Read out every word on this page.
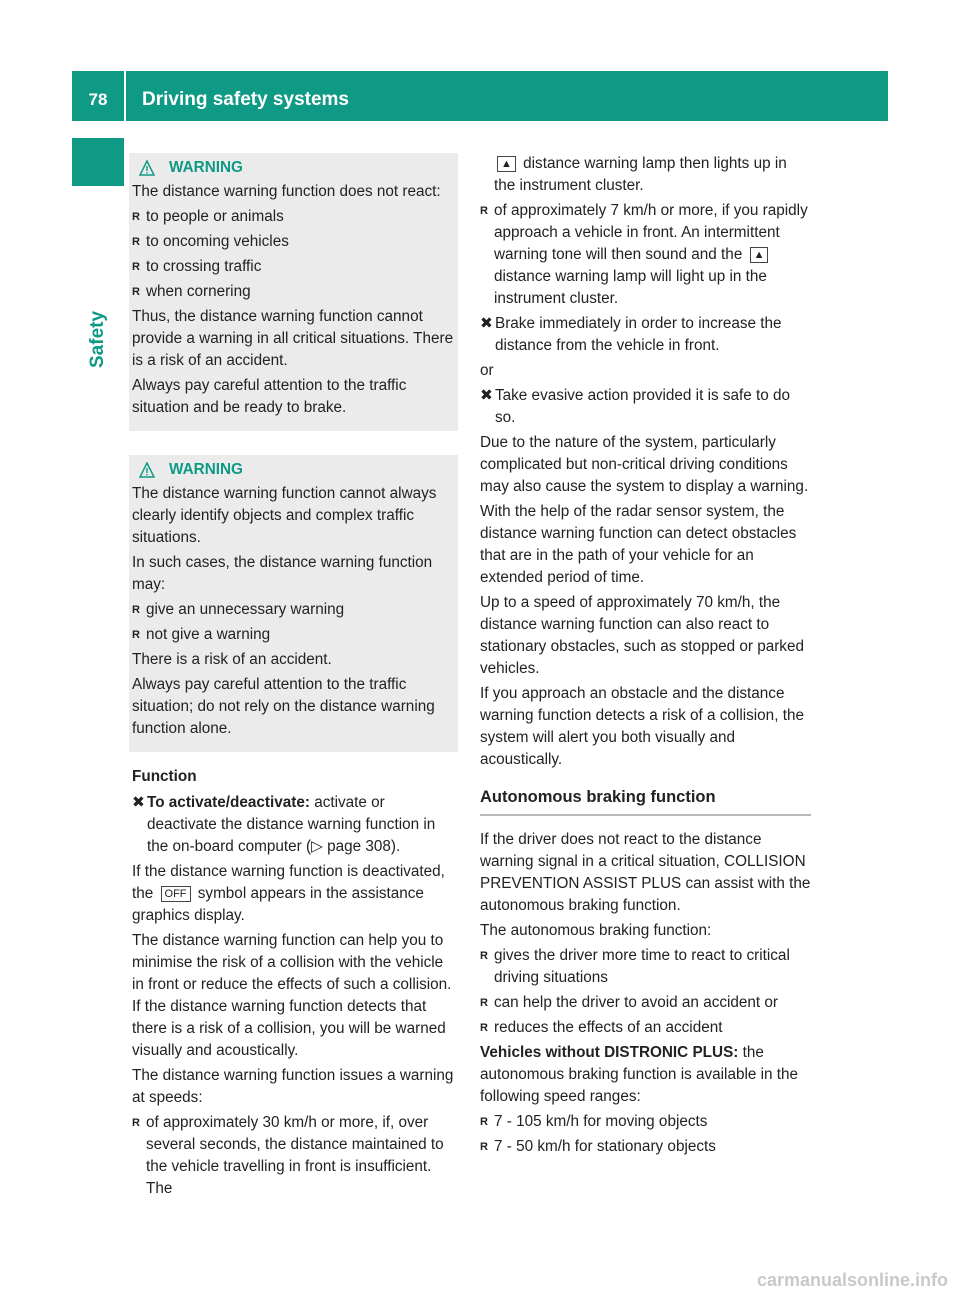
78	Driving safety systems
Safety
WARNING

The distance warning function does not react:

R to people or animals
R to oncoming vehicles
R to crossing traffic
R when cornering

Thus, the distance warning function cannot provide a warning in all critical situations. There is a risk of an accident.

Always pay careful attention to the traffic situation and be ready to brake.

WARNING

The distance warning function cannot always clearly identify objects and complex traffic situations.

In such cases, the distance warning function may:

R give an unnecessary warning
R not give a warning

There is a risk of an accident.

Always pay careful attention to the traffic situation; do not rely on the distance warning function alone.

Function
✖ To activate/deactivate: activate or deactivate the distance warning function in the on-board computer (▷ page 308).

If the distance warning function is deactivated, the OFF symbol appears in the assistance graphics display.

The distance warning function can help you to minimise the risk of a collision with the vehicle in front or reduce the effects of such a collision. If the distance warning function detects that there is a risk of a collision, you will be warned visually and acoustically.

The distance warning function issues a warning at speeds:

R of approximately 30 km/h or more, if, over several seconds, the distance maintained to the vehicle travelling in front is insufficient. The

▲ distance warning lamp then lights up in the instrument cluster.

R of approximately 7 km/h or more, if you rapidly approach a vehicle in front. An intermittent warning tone will then sound and the ▲ distance warning lamp will light up in the instrument cluster.
✖ Brake immediately in order to increase the distance from the vehicle in front.

or

✖ Take evasive action provided it is safe to do so.

Due to the nature of the system, particularly complicated but non-critical driving conditions may also cause the system to display a warning.

With the help of the radar sensor system, the distance warning function can detect obstacles that are in the path of your vehicle for an extended period of time.

Up to a speed of approximately 70 km/h, the distance warning function can also react to stationary obstacles, such as stopped or parked vehicles.

If you approach an obstacle and the distance warning function detects a risk of a collision, the system will alert you both visually and acoustically.

Autonomous braking function

If the driver does not react to the distance warning signal in a critical situation, COLLISION PREVENTION ASSIST PLUS can assist with the autonomous braking function.

The autonomous braking function:

R gives the driver more time to react to critical driving situations
R can help the driver to avoid an accident or
R reduces the effects of an accident

Vehicles without DISTRONIC PLUS: the autonomous braking function is available in the following speed ranges:

R 7 - 105 km/h for moving objects
R 7 - 50 km/h for stationary objects
carmanualsonline.info
